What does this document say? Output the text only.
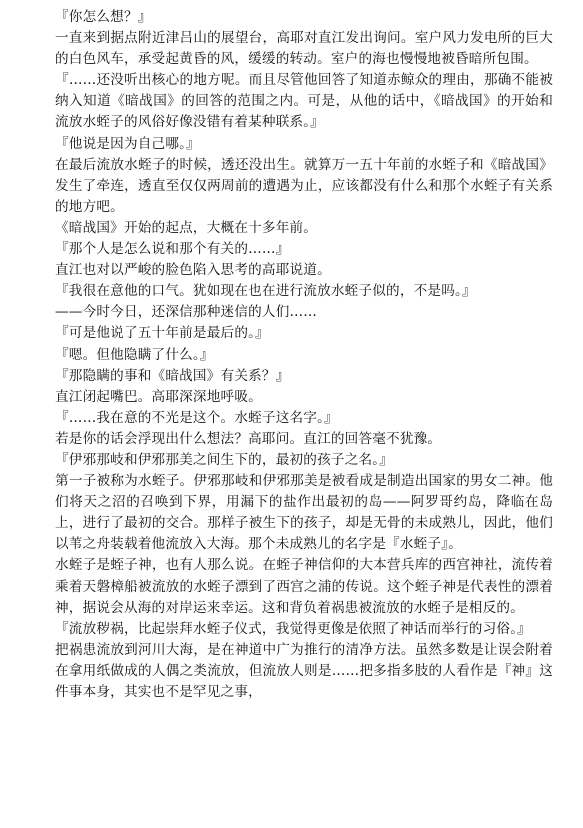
『你怎么想？』

一直来到据点附近津吕山的展望台，高耶对直江发出询问。室户风力发电所的巨大的白色风车，承受起黄昏的风，缓缓的转动。室户的海也慢慢地被昏暗所包围。

『……还没听出核心的地方呢。而且尽管他回答了知道赤鲸众的理由，那确不能被纳入知道《暗战国》的回答的范围之内。可是，从他的话中，《暗战国》的开始和流放水蛭子的风俗好像没错有着某种联系。』

『他说是因为自己哪。』

在最后流放水蛭子的时候，透还没出生。就算万一五十年前的水蛭子和《暗战国》发生了牵连，透直至仅仅两周前的遭遇为止，应该都没有什么和那个水蛭子有关系的地方吧。

《暗战国》开始的起点，大概在十多年前。

『那个人是怎么说和那个有关的……』

直江也对以严峻的脸色陷入思考的高耶说道。

『我很在意他的口气。犹如现在也在进行流放水蛭子似的，不是吗。』

——今时今日，还深信那种迷信的人们……

『可是他说了五十年前是最后的。』

『嗯。但他隐瞒了什么。』

『那隐瞒的事和《暗战国》有关系？』

直江闭起嘴巴。高耶深深地呼吸。

『……我在意的不光是这个。水蛭子这名字。』

若是你的话会浮现出什么想法？高耶问。直江的回答毫不犹豫。

『伊邪那岐和伊邪那美之间生下的，最初的孩子之名。』

第一子被称为水蛭子。伊邪那岐和伊邪那美是被看成是制造出国家的男女二神。他们将天之沼的召唤到下界，用漏下的盐作出最初的岛——阿罗哥约岛，降临在岛上，进行了最初的交合。那样子被生下的孩子，却是无骨的未成熟儿，因此，他们以苇之舟装载着他流放入大海。那个未成熟儿的名字是『水蛭子』。

水蛭子是蛭子神，也有人那么说。在蛭子神信仰的大本营兵库的西宫神社，流传着乘着天磐樟船被流放的水蛭子漂到了西宫之浦的传说。这个蛭子神是代表性的漂着神，据说会从海的对岸运来幸运。这和背负着祸患被流放的水蛭子是相反的。

『流放秽祸，比起崇拜水蛭子仪式，我觉得更像是依照了神话而举行的习俗。』

把祸患流放到河川大海，是在神道中广为推行的清净方法。虽然多数是让误会附着在拿用纸做成的人偶之类流放，但流放人则是……把多指多肢的人看作是『神』这件事本身，其实也不是罕见之事，
